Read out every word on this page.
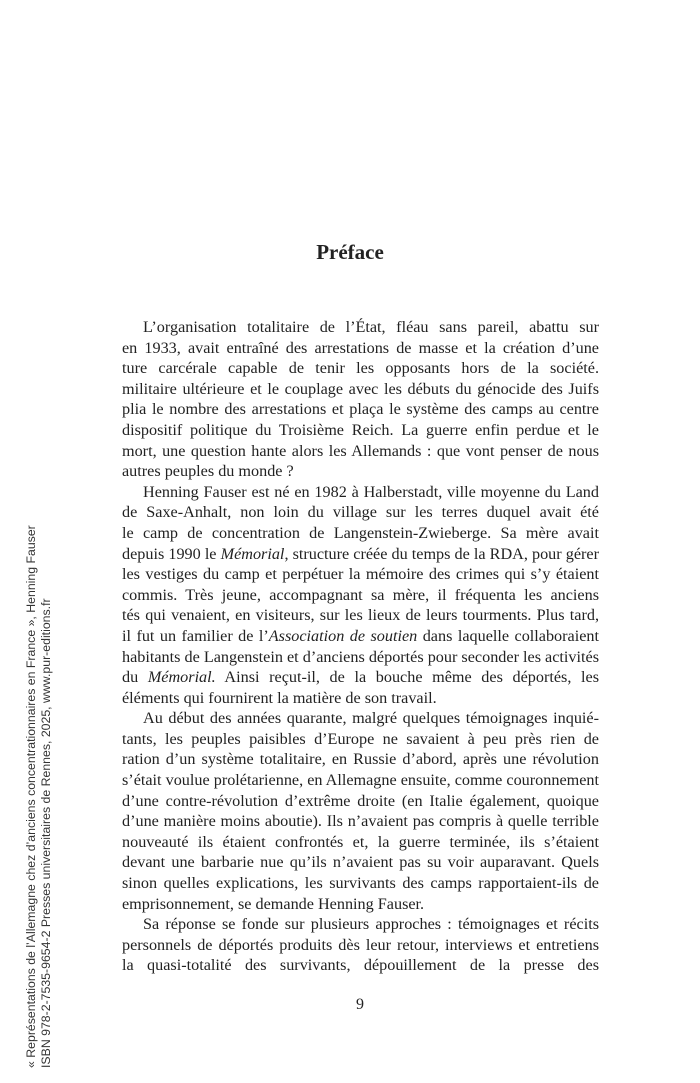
Préface
L’organisation totalitaire de l’État, fléau sans pareil, abattu sur
en 1933, avait entraîné des arrestations de masse et la création d’une
ture carcérale capable de tenir les opposants hors de la société.
militaire ultérieure et le couplage avec les débuts du génocide des Juifs
plia le nombre des arrestations et plaça le système des camps au centre
dispositif politique du Troisième Reich. La guerre enfin perdue et le
mort, une question hante alors les Allemands : que vont penser de nous
autres peuples du monde ?
Henning Fauser est né en 1982 à Halberstadt, ville moyenne du Land
de Saxe-Anhalt, non loin du village sur les terres duquel avait été
le camp de concentration de Langenstein-Zwieberge. Sa mère avait
depuis 1990 le Mémorial, structure créée du temps de la RDA, pour gérer
les vestiges du camp et perpétuer la mémoire des crimes qui s’y étaient
commis. Très jeune, accompagnant sa mère, il fréquenta les anciens
tés qui venaient, en visiteurs, sur les lieux de leurs tourments. Plus tard,
il fut un familier de l’Association de soutien dans laquelle collaboraient
habitants de Langenstein et d’anciens déportés pour seconder les activités
du Mémorial. Ainsi reçut-il, de la bouche même des déportés, les
éléments qui fournirent la matière de son travail.
Au début des années quarante, malgré quelques témoignages inquié-
tants, les peuples paisibles d’Europe ne savaient à peu près rien de
ration d’un système totalitaire, en Russie d’abord, après une révolution
s’était voulue prolétarienne, en Allemagne ensuite, comme couronnement
d’une contre-révolution d’extrême droite (en Italie également, quoique
d’une manière moins aboutie). Ils n’avaient pas compris à quelle terrible
nouveauté ils étaient confrontés et, la guerre terminée, ils s’étaient
devant une barbarie nue qu’ils n’avaient pas su voir auparavant. Quels
sinon quelles explications, les survivants des camps rapportaient-ils de
emprisonnement, se demande Henning Fauser.
Sa réponse se fonde sur plusieurs approches : témoignages et récits
personnels de déportés produits dès leur retour, interviews et entretiens
la quasi-totalité des survivants, dépouillement de la presse des
9
« Représentations de l’Allemagne chez d’anciens concentrationnaires en France », Henning Fauser ISBN 978-2-7535-9654-2 Presses universitaires de Rennes, 2025, www.pur-editions.fr
